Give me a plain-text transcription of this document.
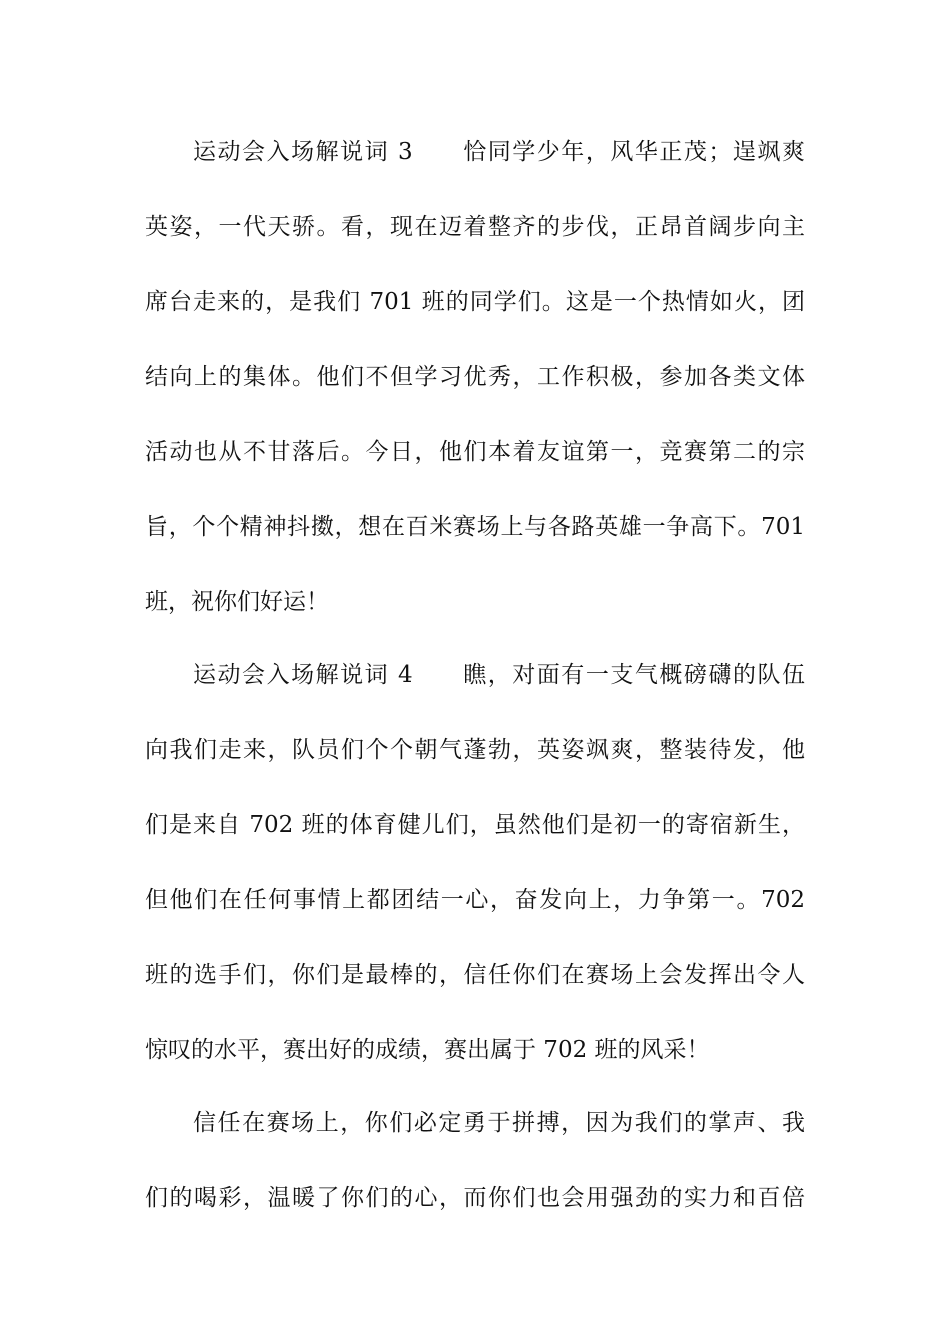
运动会入场解说词 3　　恰同学少年，风华正茂；逞飒爽
英姿，一代天骄。看，现在迈着整齐的步伐，正昂首阔步向主
席台走来的，是我们 701 班的同学们。这是一个热情如火，团
结向上的集体。他们不但学习优秀，工作积极，参加各类文体
活动也从不甘落后。今日，他们本着友谊第一，竞赛第二的宗
旨，个个精神抖擞，想在百米赛场上与各路英雄一争高下。701
班，祝你们好运！
运动会入场解说词 4　　瞧，对面有一支气概磅礴的队伍
向我们走来，队员们个个朝气蓬勃，英姿飒爽，整装待发，他
们是来自 702 班的体育健儿们，虽然他们是初一的寄宿新生，
但他们在任何事情上都团结一心，奋发向上，力争第一。702
班的选手们，你们是最棒的，信任你们在赛场上会发挥出令人
惊叹的水平，赛出好的成绩，赛出属于 702 班的风采！
信任在赛场上，你们必定勇于拼搏，因为我们的掌声、我
们的喝彩，温暖了你们的心，而你们也会用强劲的实力和百倍
